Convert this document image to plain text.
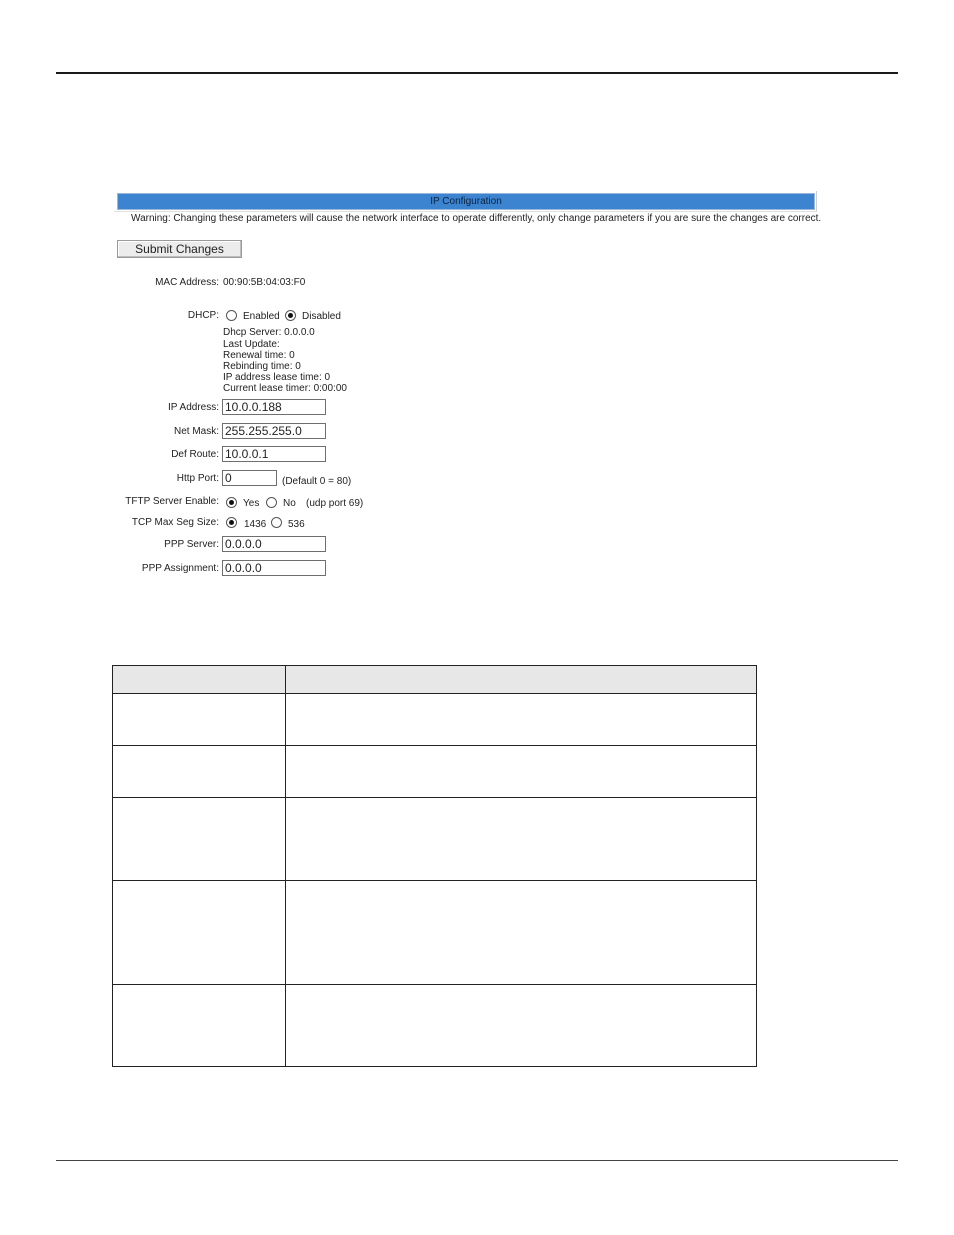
IP Configuration
Warning: Changing these parameters will cause the network interface to operate differently, only change parameters if you are sure the changes are correct.
Submit Changes
MAC Address: 00:90:5B:04:03:F0
DHCP: Enabled Disabled
Dhcp Server: 0.0.0.0
Last Update:
Renewal time: 0
Rebinding time: 0
IP address lease time: 0
Current lease timer: 0:00:00
IP Address:
10.0.0.188
Net Mask:
255.255.255.0
Def Route:
10.0.0.1
Http Port:
0	(Default 0 = 80)
TFTP Server Enable: Yes No (udp port 69)
TCP Max Seg Size:	1436 536
PPP Server:
0.0.0.0
PPP Assignment:
0.0.0.0
